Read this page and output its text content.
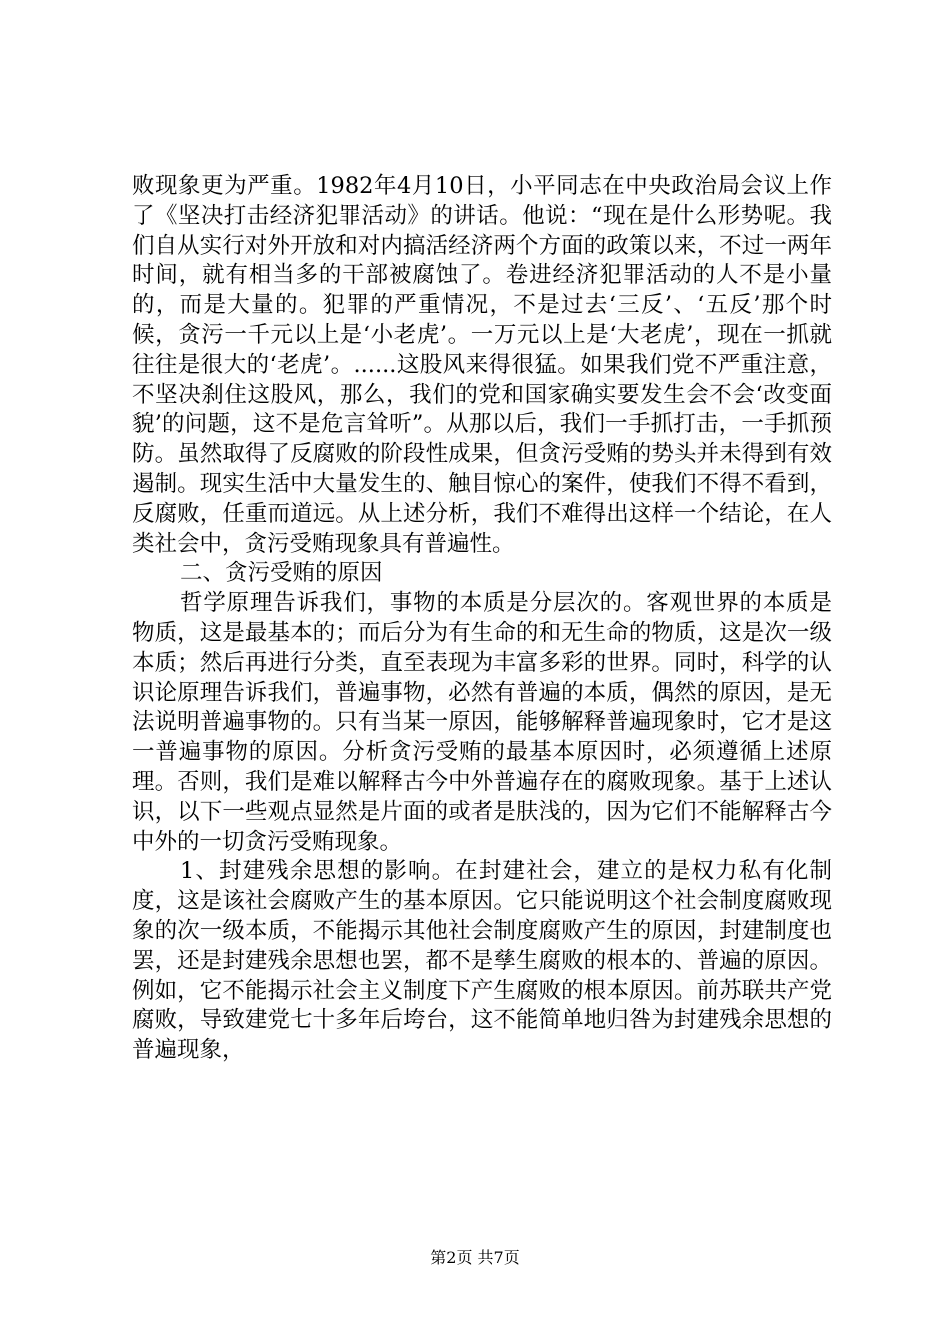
败现象更为严重。1982年4月10日，小平同志在中央政治局会议上作了《坚决打击经济犯罪活动》的讲话。他说：“现在是什么形势呢。我们自从实行对外开放和对内搞活经济两个方面的政策以来，不过一两年时间，就有相当多的干部被腐蚀了。卷进经济犯罪活动的人不是小量的，而是大量的。犯罪的严重情况，不是过去‘三反’、‘五反’那个时候，贪污一千元以上是‘小老虎’。一万元以上是‘大老虎’，现在一抓就往往是很大的‘老虎’。......这股风来得很猛。如果我们党不严重注意，不坚决刹住这股风，那么，我们的党和国家确实要发生会不会‘改变面貌’的问题，这不是危言耸听”。从那以后，我们一手抓打击，一手抓预防。虽然取得了反腐败的阶段性成果，但贪污受贿的势头并未得到有效遏制。现实生活中大量发生的、触目惊心的案件，使我们不得不看到，反腐败，任重而道远。从上述分析，我们不难得出这样一个结论，在人类社会中，贪污受贿现象具有普遍性。

二、贪污受贿的原因

哲学原理告诉我们，事物的本质是分层次的。客观世界的本质是物质，这是最基本的；而后分为有生命的和无生命的物质，这是次一级本质；然后再进行分类，直至表现为丰富多彩的世界。同时，科学的认识论原理告诉我们，普遍事物，必然有普遍的本质，偶然的原因，是无法说明普遍事物的。只有当某一原因，能够解释普遍现象时，它才是这一普遍事物的原因。分析贪污受贿的最基本原因时，必须遵循上述原理。否则，我们是难以解释古今中外普遍存在的腐败现象。基于上述认识，以下一些观点显然是片面的或者是肤浅的，因为它们不能解释古今中外的一切贪污受贿现象。

1、封建残余思想的影响。在封建社会，建立的是权力私有化制度，这是该社会腐败产生的基本原因。它只能说明这个社会制度腐败现象的次一级本质，不能揭示其他社会制度腐败产生的原因，封建制度也罢，还是封建残余思想也罢，都不是孳生腐败的根本的、普遍的原因。例如，它不能揭示社会主义制度下产生腐败的根本原因。前苏联共产党腐败，导致建党七十多年后垮台，这不能简单地归咎为封建残余思想的普遍现象，

第2页 共7页
